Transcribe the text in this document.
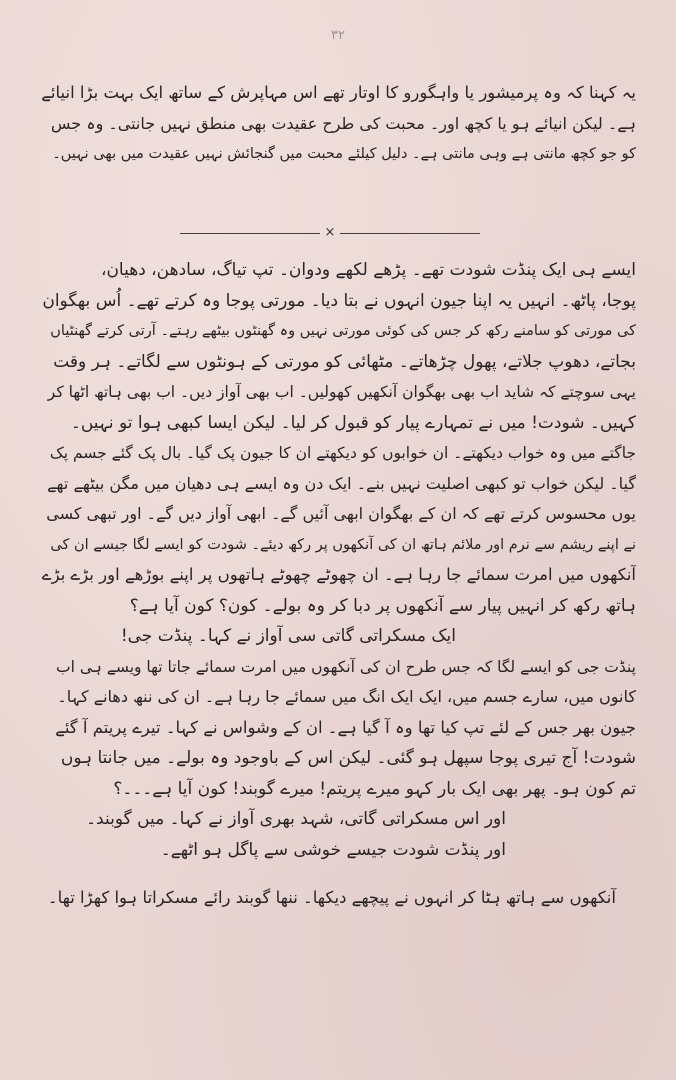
۳۲
یہ کہنا کہ وہ پرمیشور یا واہگورو کا اوتار تھے اس مہاپرش کے ساتھ ایک بہت بڑا انیائے
ہے۔ لیکن انیائے ہو یا کچھ اور۔ محبت کی طرح عقیدت بھی منطق نہیں جانتی۔ وہ جس
کو جو کچھ مانتی ہے وہی مانتی ہے۔ دلیل کیلئے محبت میں گنجائش نہیں عقیدت میں بھی نہیں۔
×
ایسے ہی ایک پنڈت شودت تھے۔ پڑھے لکھے ودوان۔ تپ تیاگ، سادھن، دھیان،
پوجا، پاٹھ۔ انہیں یہ اپنا جیون انہوں نے بتا دیا۔ مورتی پوجا وہ کرتے تھے۔ اُس بھگوان
کی مورتی کو سامنے رکھ کر جس کی کوئی مورتی نہیں وہ گھنٹوں بیٹھے رہتے۔ آرتی کرتے گھنٹیاں
بجاتے، دھوپ جلاتے، پھول چڑھاتے۔ مٹھائی کو مورتی کے ہونٹوں سے لگاتے۔ ہر وقت
یہی سوچتے کہ شاید اب بھی بھگوان آنکھیں کھولیں۔ اب بھی آواز دیں۔ اب بھی ہاتھ اٹھا کر
کہیں۔ شودت! میں نے تمہارے پیار کو قبول کر لیا۔ لیکن ایسا کبھی ہوا تو نہیں۔
جاگتے میں وہ خواب دیکھتے۔ ان خوابوں کو دیکھتے ان کا جیون پک گیا۔ بال پک گئے جسم پک
گیا۔ لیکن خواب تو کبھی اصلیت نہیں بنے۔ ایک دن وہ ایسے ہی دھیان میں مگن بیٹھے تھے
یوں محسوس کرتے تھے کہ ان کے بھگوان ابھی آئیں گے۔ ابھی آواز دیں گے۔ اور تبھی کسی
نے اپنے ریشم سے نرم اور ملائم ہاتھ ان کی آنکھوں پر رکھ دیئے۔ شودت کو ایسے لگا جیسے ان کی
آنکھوں میں امرت سمائے جا رہا ہے۔ ان چھوٹے چھوٹے ہاتھوں پر اپنے بوڑھے اور بڑے بڑے
ہاتھ رکھ کر انہیں پیار سے آنکھوں پر دبا کر وہ بولے۔ کون؟ کون آیا ہے؟
ایک مسکراتی گاتی سی آواز نے کہا۔ پنڈت جی!
پنڈت جی کو ایسے لگا کہ جس طرح ان کی آنکھوں میں امرت سمائے جاتا تھا ویسے ہی اب
کانوں میں، سارے جسم میں، ایک ایک انگ میں سمائے جا رہا ہے۔ ان کی ننھ دھانے کہا۔
جیون بھر جس کے لئے تپ کیا تھا وہ آ گیا ہے۔ ان کے وشواس نے کہا۔ تیرے پریتم آ گئے
شودت! آج تیری پوجا سپھل ہو گئی۔ لیکن اس کے باوجود وہ بولے۔ میں جانتا ہوں
تم کون ہو۔ پھر بھی ایک بار کہو میرے پریتم! میرے گوبند! کون آیا ہے۔۔۔؟
اور اس مسکراتی گاتی، شہد بھری آواز نے کہا۔ میں گوبند۔
اور پنڈت شودت جیسے خوشی سے پاگل ہو اٹھے۔
آنکھوں سے ہاتھ ہٹا کر انہوں نے پیچھے دیکھا۔ ننھا گوبند رائے مسکراتا ہوا کھڑا تھا۔
